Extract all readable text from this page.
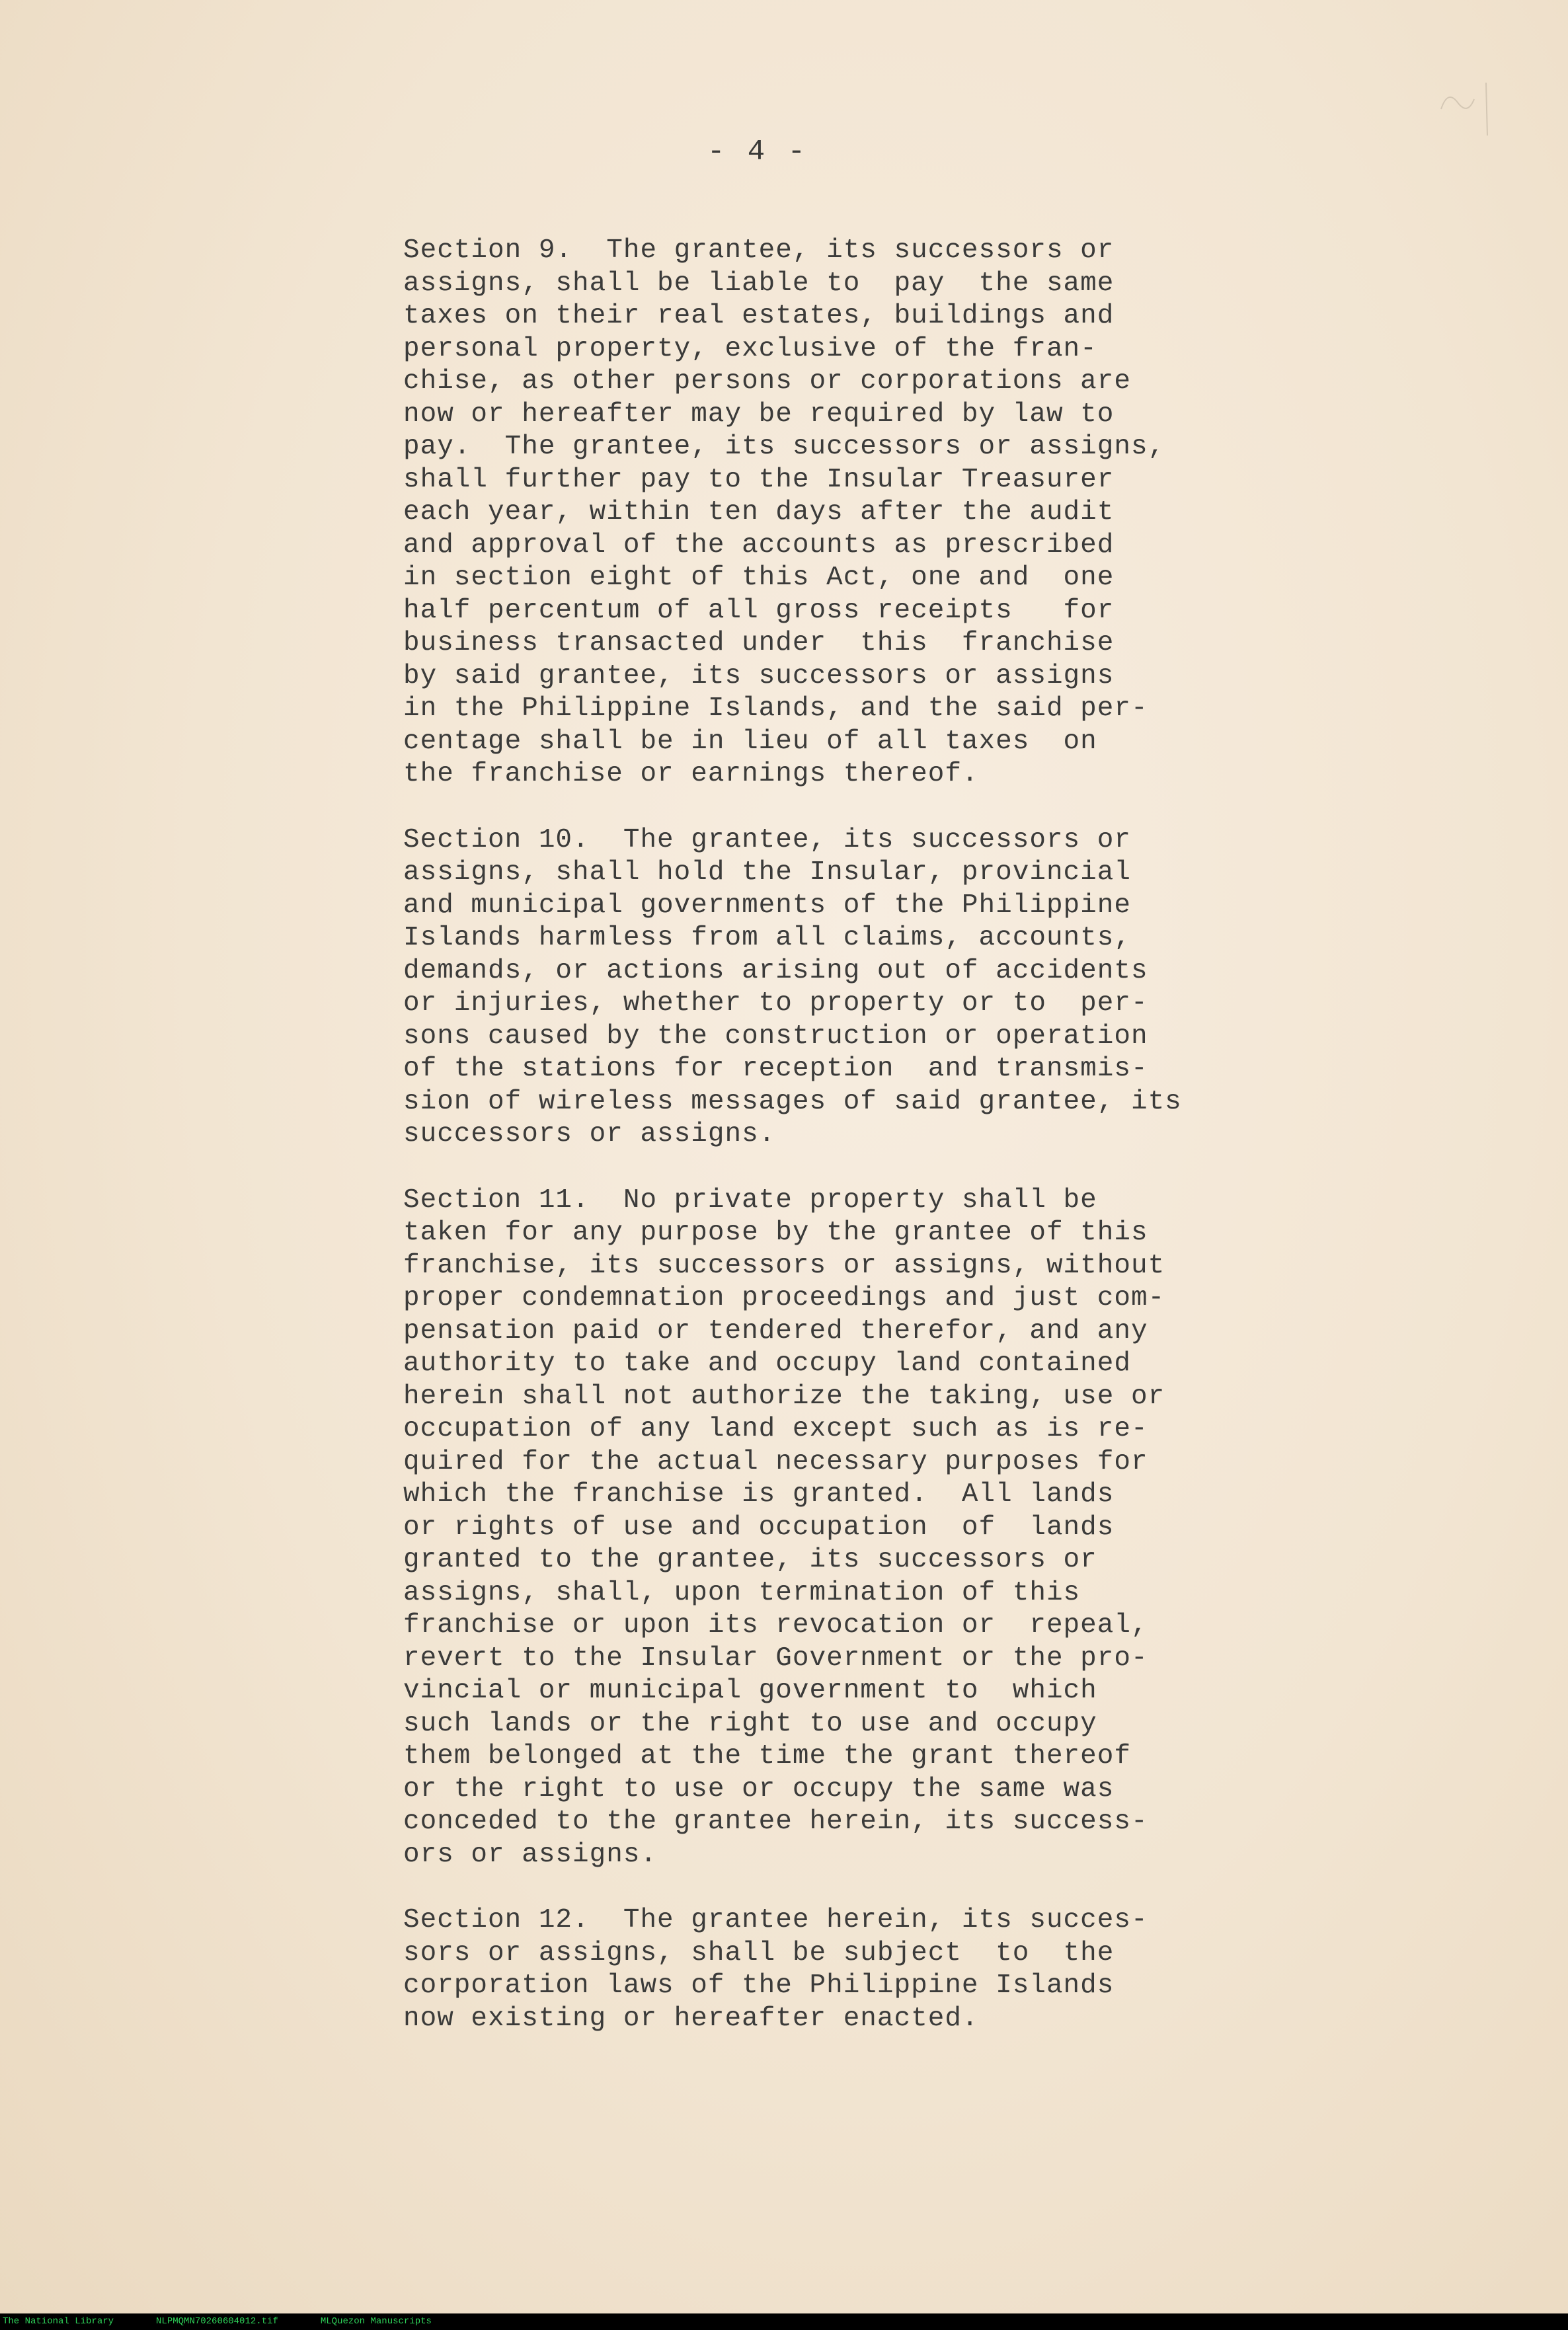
- 4 -
Section 9.  The grantee, its successors or
assigns, shall be liable to  pay  the same
taxes on their real estates, buildings and
personal property, exclusive of the fran-
chise, as other persons or corporations are
now or hereafter may be required by law to
pay.  The grantee, its successors or assigns,
shall further pay to the Insular Treasurer
each year, within ten days after the audit
and approval of the accounts as prescribed
in section eight of this Act, one and  one
half percentum of all gross receipts   for
business transacted under  this  franchise
by said grantee, its successors or assigns
in the Philippine Islands, and the said per-
centage shall be in lieu of all taxes  on
the franchise or earnings thereof.
Section 10.  The grantee, its successors or
assigns, shall hold the Insular, provincial
and municipal governments of the Philippine
Islands harmless from all claims, accounts,
demands, or actions arising out of accidents
or injuries, whether to property or to  per-
sons caused by the construction or operation
of the stations for reception  and transmis-
sion of wireless messages of said grantee, its
successors or assigns.
Section 11.  No private property shall be
taken for any purpose by the grantee of this
franchise, its successors or assigns, without
proper condemnation proceedings and just com-
pensation paid or tendered therefor, and any
authority to take and occupy land contained
herein shall not authorize the taking, use or
occupation of any land except such as is re-
quired for the actual necessary purposes for
which the franchise is granted.  All lands
or rights of use and occupation  of  lands
granted to the grantee, its successors or
assigns, shall, upon termination of this
franchise or upon its revocation or  repeal,
revert to the Insular Government or the pro-
vincial or municipal government to  which
such lands or the right to use and occupy
them belonged at the time the grant thereof
or the right to use or occupy the same was
conceded to the grantee herein, its success-
ors or assigns.
Section 12.  The grantee herein, its succes-
sors or assigns, shall be subject  to  the
corporation laws of the Philippine Islands
now existing or hereafter enacted.
The National Library	NLPMQMN70260604012.tif	MLQuezon Manuscripts
